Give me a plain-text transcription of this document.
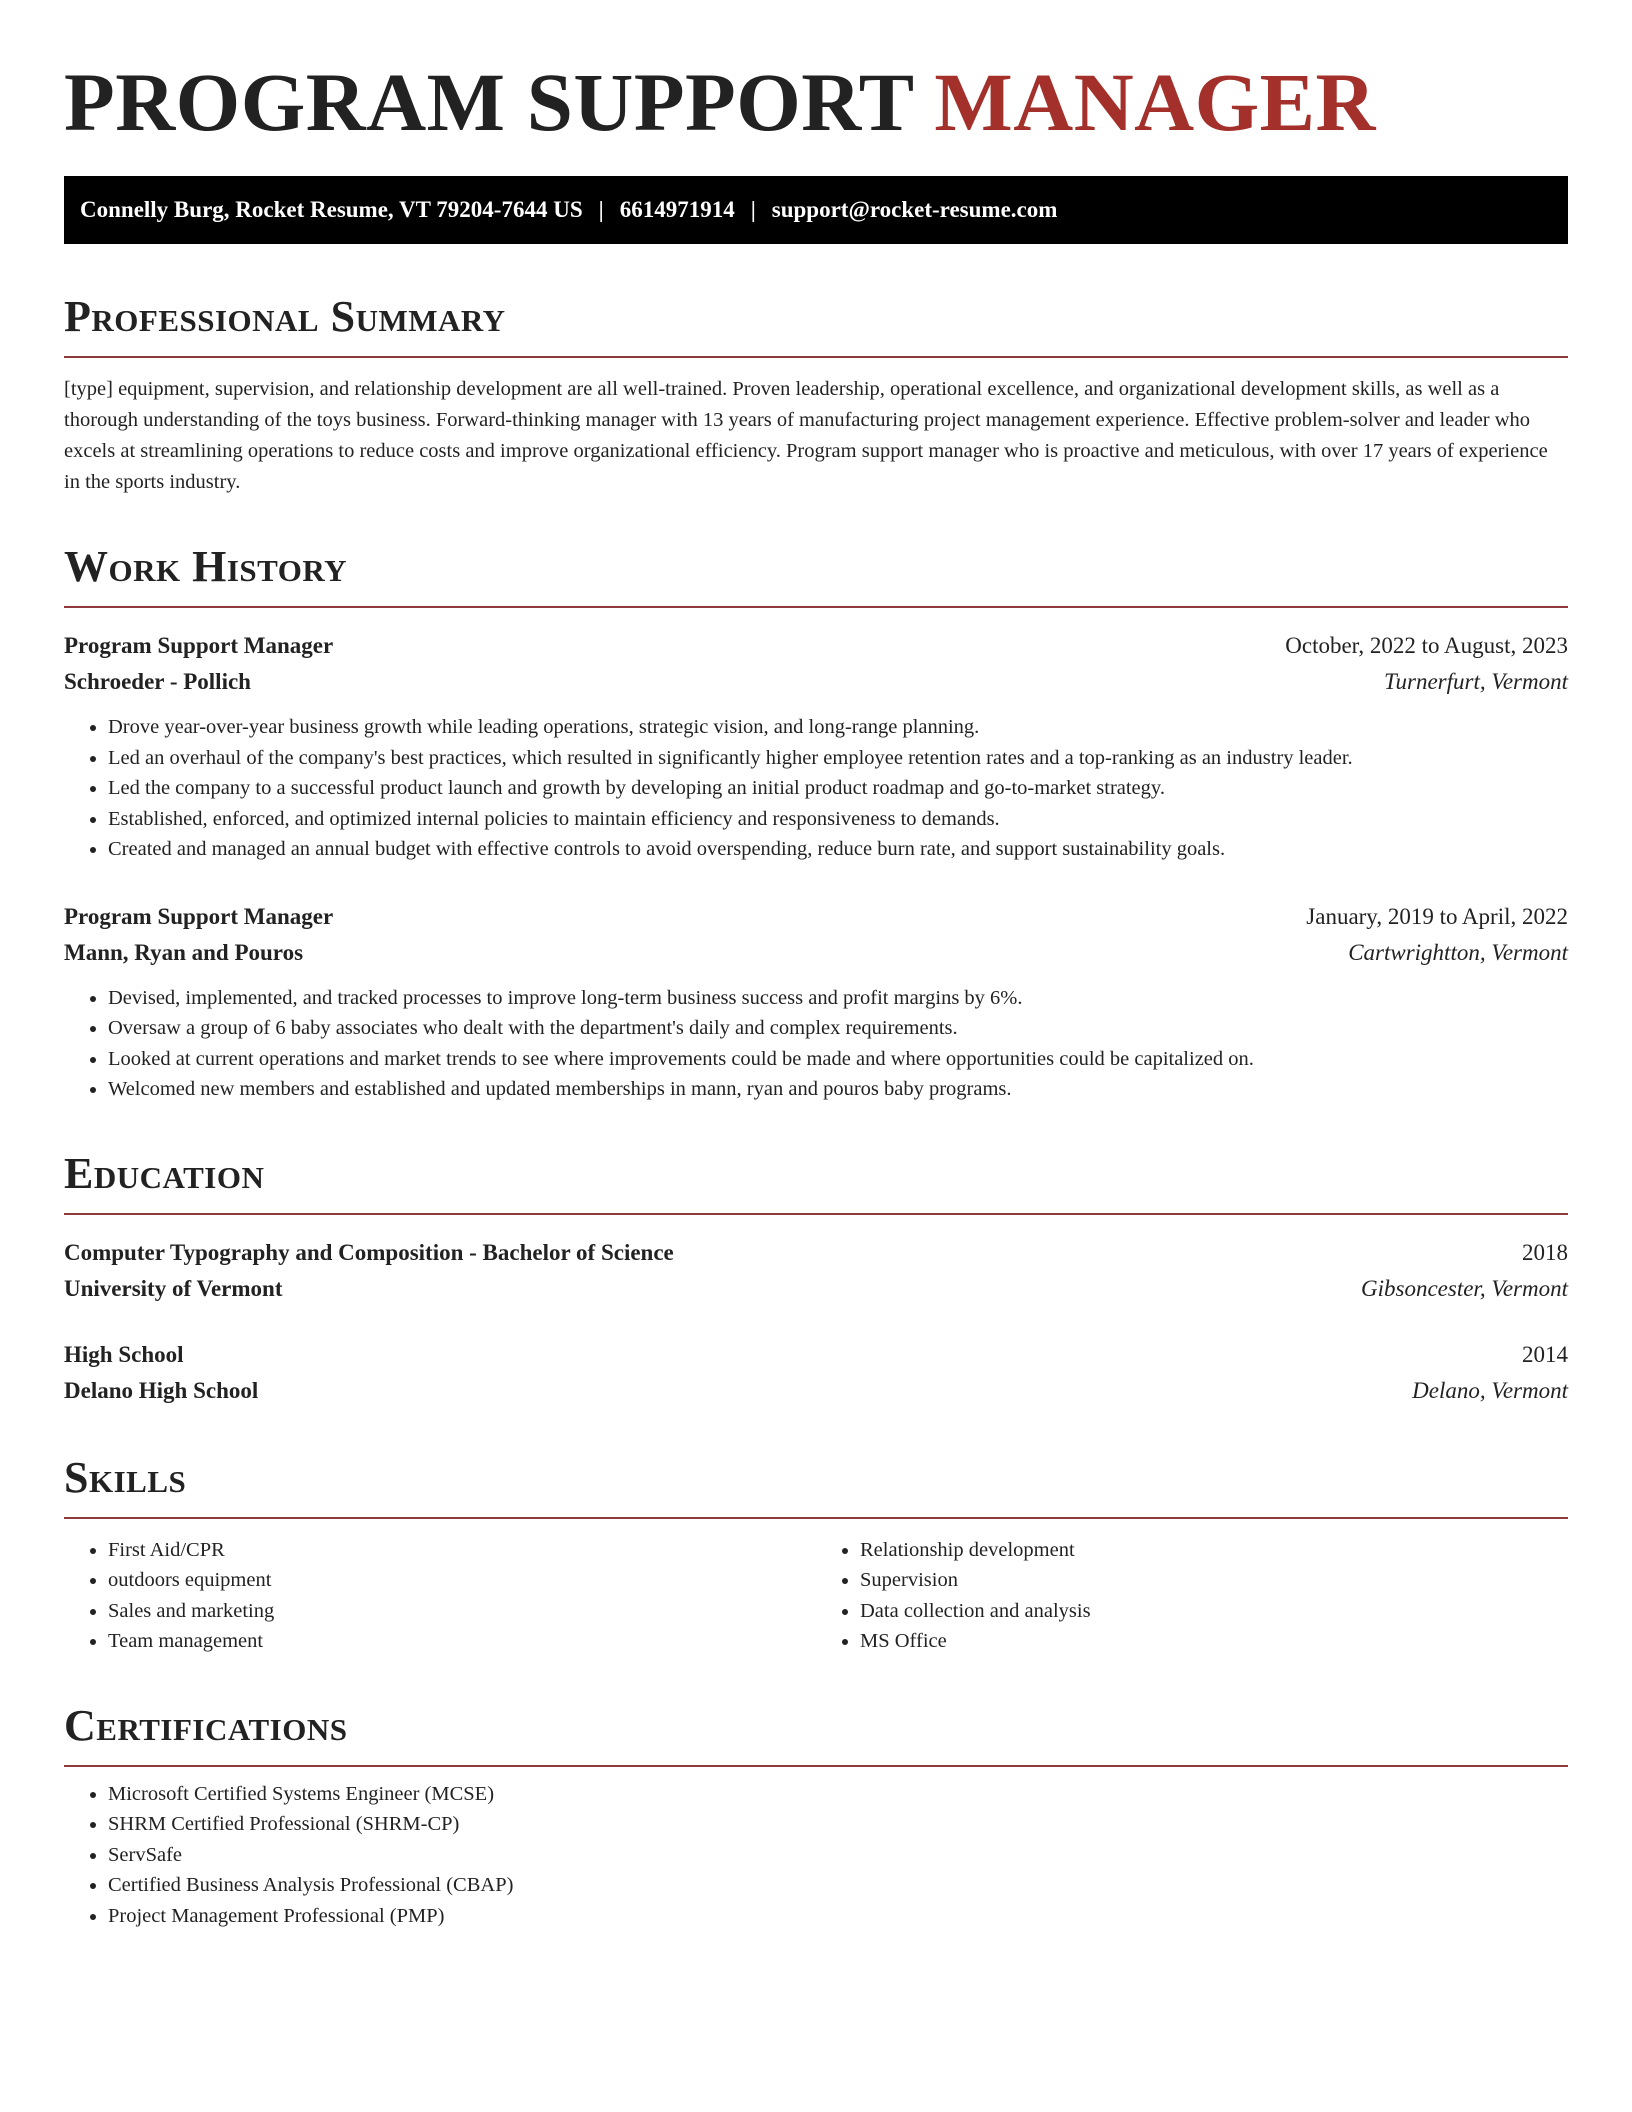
PROGRAM SUPPORT MANAGER
Connelly Burg, Rocket Resume, VT 79204-7644 US | 6614971914 | support@rocket-resume.com
Professional Summary

[type] equipment, supervision, and relationship development are all well-trained. Proven leadership, operational excellence, and organizational development skills, as well as a thorough understanding of the toys business. Forward-thinking manager with 13 years of manufacturing project management experience. Effective problem-solver and leader who excels at streamlining operations to reduce costs and improve organizational efficiency. Program support manager who is proactive and meticulous, with over 17 years of experience in the sports industry.

Work History
Program Support Manager	October, 2022 to August, 2023
Schroeder - Pollich	Turnerfurt, Vermont
• Drove year-over-year business growth while leading operations, strategic vision, and long-range planning.
• Led an overhaul of the company's best practices, which resulted in significantly higher employee retention rates and a top-ranking as an industry leader.
• Led the company to a successful product launch and growth by developing an initial product roadmap and go-to-market strategy.
• Established, enforced, and optimized internal policies to maintain efficiency and responsiveness to demands.
• Created and managed an annual budget with effective controls to avoid overspending, reduce burn rate, and support sustainability goals.
Program Support Manager	January, 2019 to April, 2022
Mann, Ryan and Pouros	Cartwrightton, Vermont
• Devised, implemented, and tracked processes to improve long-term business success and profit margins by 6%.
• Oversaw a group of 6 baby associates who dealt with the department's daily and complex requirements.
• Looked at current operations and market trends to see where improvements could be made and where opportunities could be capitalized on.
• Welcomed new members and established and updated memberships in mann, ryan and pouros baby programs.
Education
Computer Typography and Composition - Bachelor of Science	2018
University of Vermont	Gibsoncester, Vermont
High School	2014
Delano High School	Delano, Vermont
Skills
• First Aid/CPR
• outdoors equipment
• Sales and marketing
• Team management
• Relationship development
• Supervision
• Data collection and analysis
• MS Office
Certifications
• Microsoft Certified Systems Engineer (MCSE)
• SHRM Certified Professional (SHRM-CP)
• ServSafe
• Certified Business Analysis Professional (CBAP)
• Project Management Professional (PMP)
